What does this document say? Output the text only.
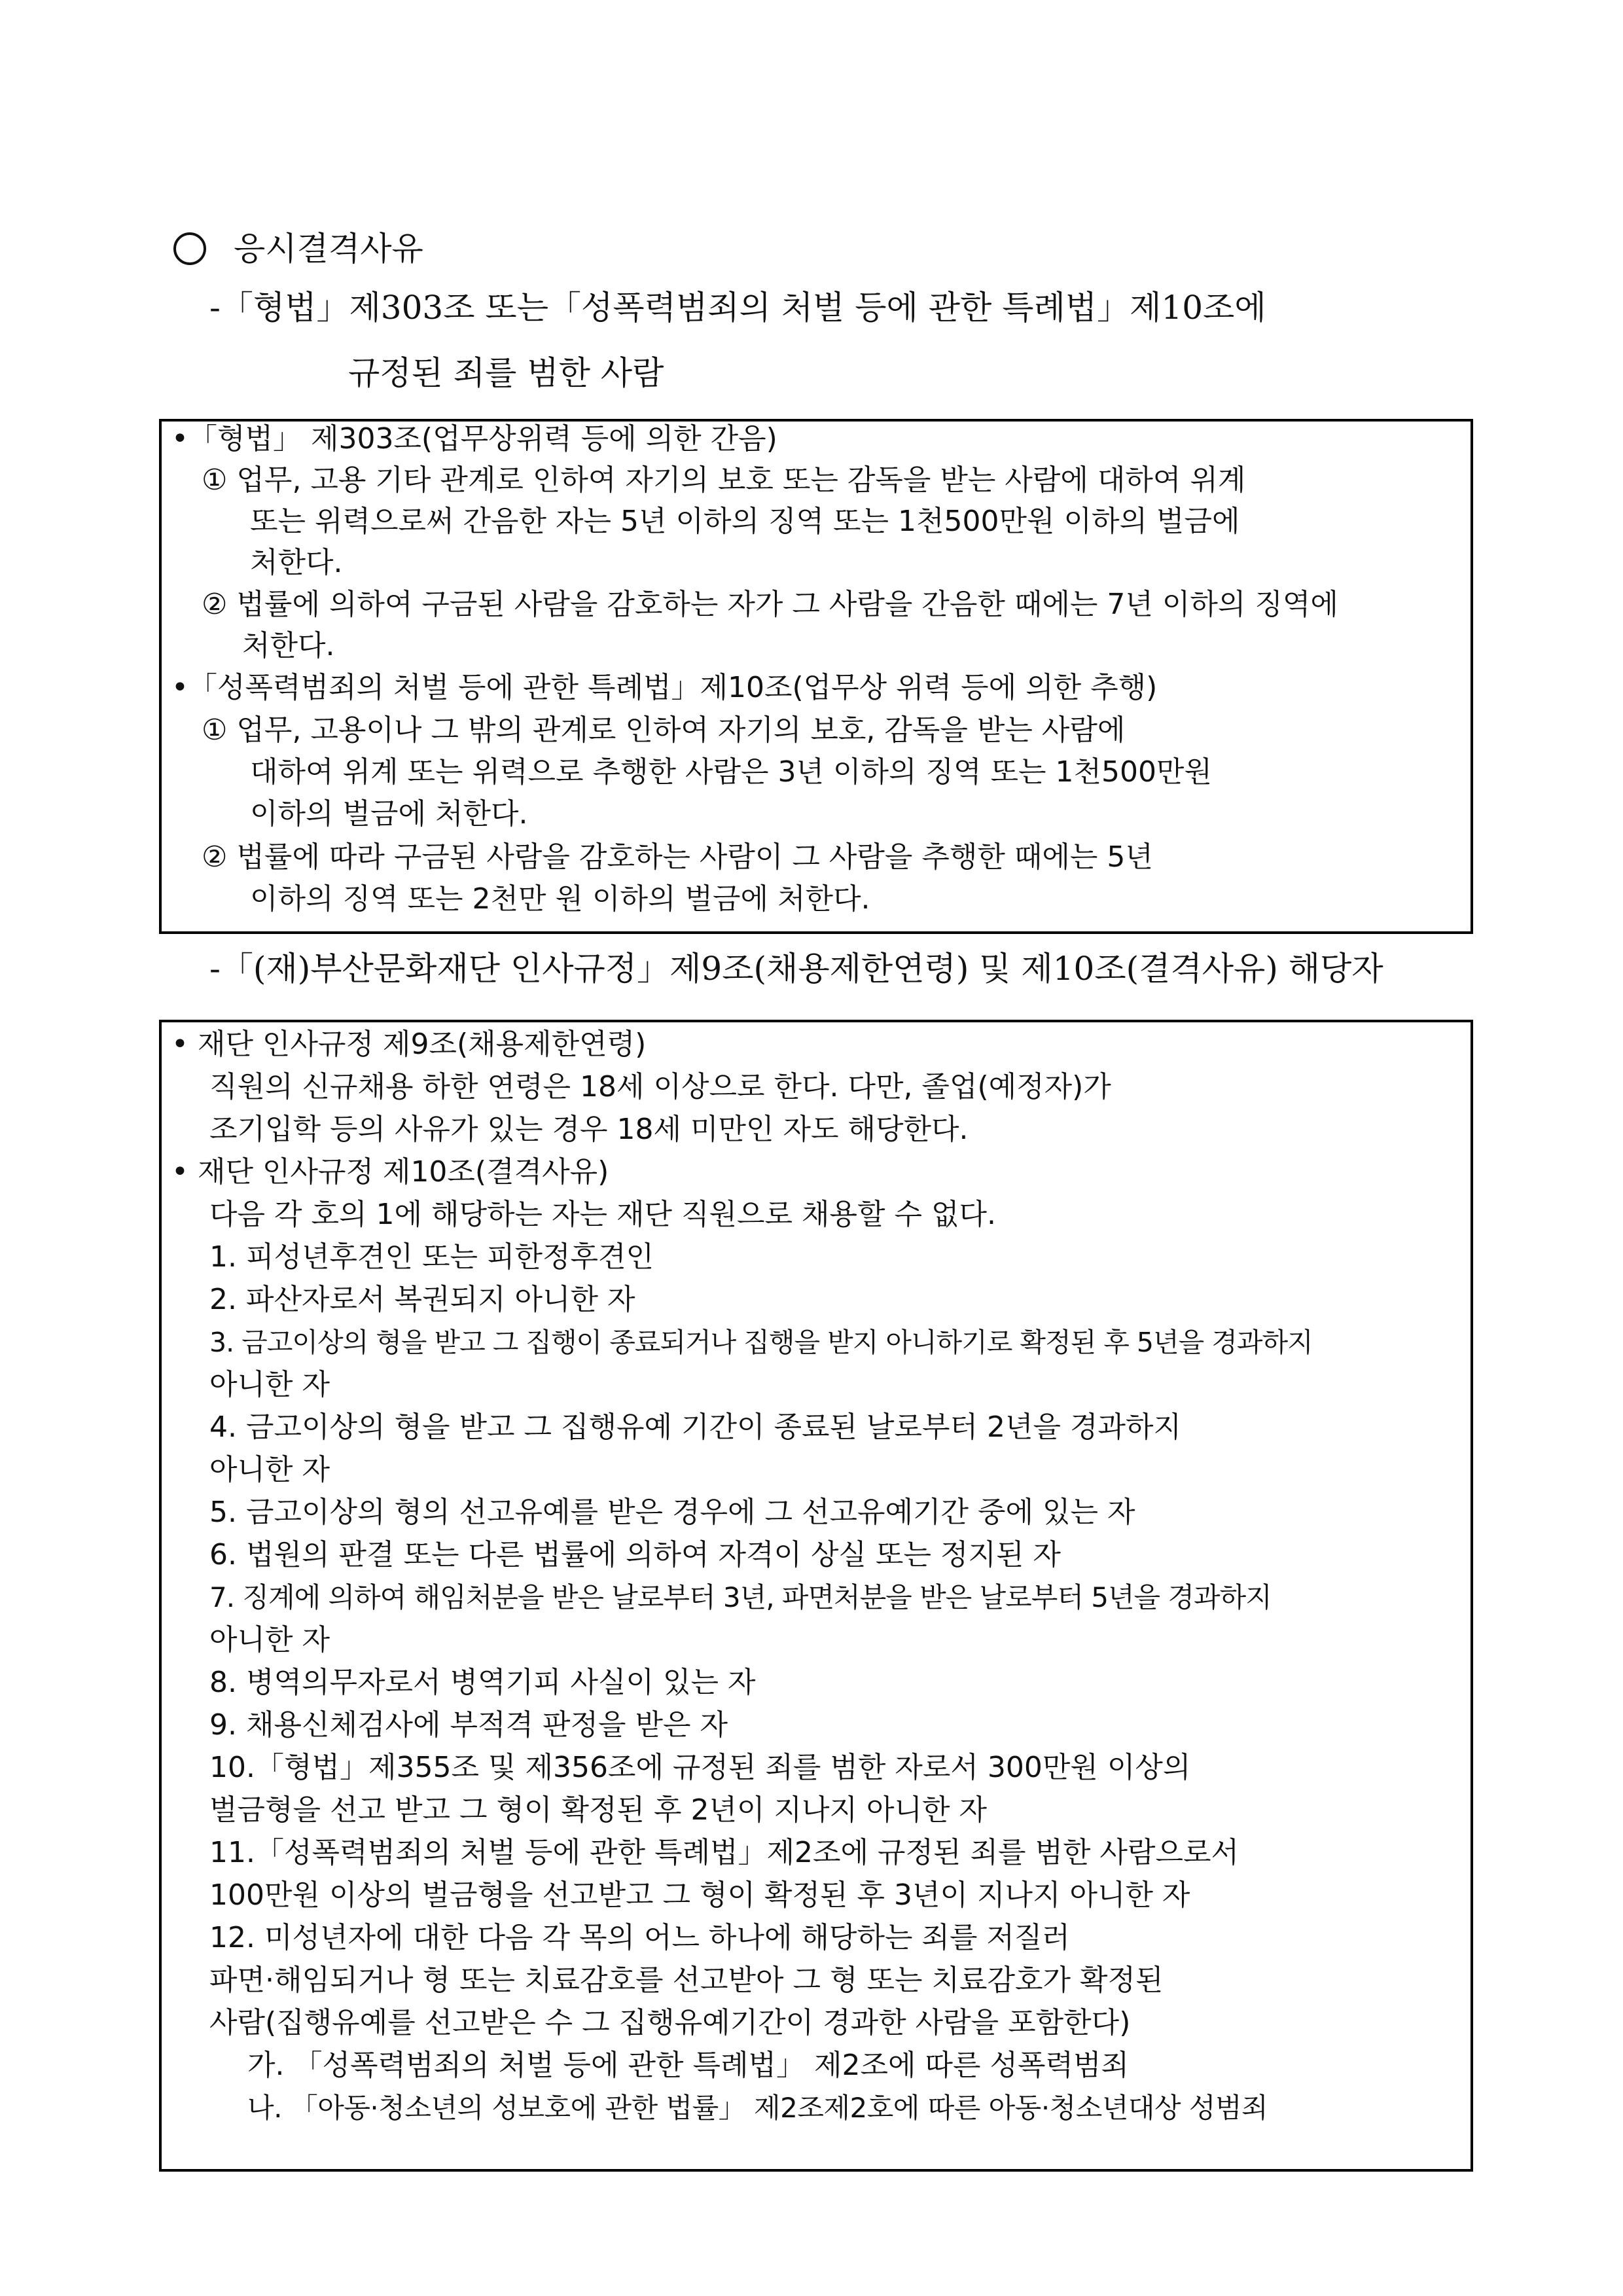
응시결격사유
-「형법」제303조 또는「성폭력범죄의 처벌 등에 관한 특례법」제10조에
규정된 죄를 범한 사람
•「형법」 제303조(업무상위력 등에 의한 간음)
① 업무, 고용 기타 관계로 인하여 자기의 보호 또는 감독을 받는 사람에 대하여 위계
또는 위력으로써 간음한 자는 5년 이하의 징역 또는 1천500만원 이하의 벌금에
처한다.
② 법률에 의하여 구금된 사람을 감호하는 자가 그 사람을 간음한 때에는 7년 이하의 징역에
처한다.
•「성폭력범죄의 처벌 등에 관한 특례법」제10조(업무상 위력 등에 의한 추행)
① 업무, 고용이나 그 밖의 관계로 인하여 자기의 보호, 감독을 받는 사람에
대하여 위계 또는 위력으로 추행한 사람은 3년 이하의 징역 또는 1천500만원
이하의 벌금에 처한다.
② 법률에 따라 구금된 사람을 감호하는 사람이 그 사람을 추행한 때에는 5년
이하의 징역 또는 2천만 원 이하의 벌금에 처한다.
-「(재)부산문화재단 인사규정」제9조(채용제한연령) 및 제10조(결격사유) 해당자
• 재단 인사규정 제9조(채용제한연령)
직원의 신규채용 하한 연령은 18세 이상으로 한다. 다만, 졸업(예정자)가
조기입학 등의 사유가 있는 경우 18세 미만인 자도 해당한다.
• 재단 인사규정 제10조(결격사유)
다음 각 호의 1에 해당하는 자는 재단 직원으로 채용할 수 없다.
1. 피성년후견인 또는 피한정후견인
2. 파산자로서 복권되지 아니한 자
3. 금고이상의 형을 받고 그 집행이 종료되거나 집행을 받지 아니하기로 확정된 후 5년을 경과하지
아니한 자
4. 금고이상의 형을 받고 그 집행유예 기간이 종료된 날로부터 2년을 경과하지
아니한 자
5. 금고이상의 형의 선고유예를 받은 경우에 그 선고유예기간 중에 있는 자
6. 법원의 판결 또는 다른 법률에 의하여 자격이 상실 또는 정지된 자
7. 징계에 의하여 해임처분을 받은 날로부터 3년, 파면처분을 받은 날로부터 5년을 경과하지
아니한 자
8. 병역의무자로서 병역기피 사실이 있는 자
9. 채용신체검사에 부적격 판정을 받은 자
10.「형법」제355조 및 제356조에 규정된 죄를 범한 자로서 300만원 이상의
벌금형을 선고 받고 그 형이 확정된 후 2년이 지나지 아니한 자
11.「성폭력범죄의 처벌 등에 관한 특례법」제2조에 규정된 죄를 범한 사람으로서
100만원 이상의 벌금형을 선고받고 그 형이 확정된 후 3년이 지나지 아니한 자
12. 미성년자에 대한 다음 각 목의 어느 하나에 해당하는 죄를 저질러
파면·해임되거나 형 또는 치료감호를 선고받아 그 형 또는 치료감호가 확정된
사람(집행유예를 선고받은 수 그 집행유예기간이 경과한 사람을 포함한다)
가. 「성폭력범죄의 처벌 등에 관한 특례법」 제2조에 따른 성폭력범죄
나. 「아동·청소년의 성보호에 관한 법률」 제2조제2호에 따른 아동·청소년대상 성범죄
